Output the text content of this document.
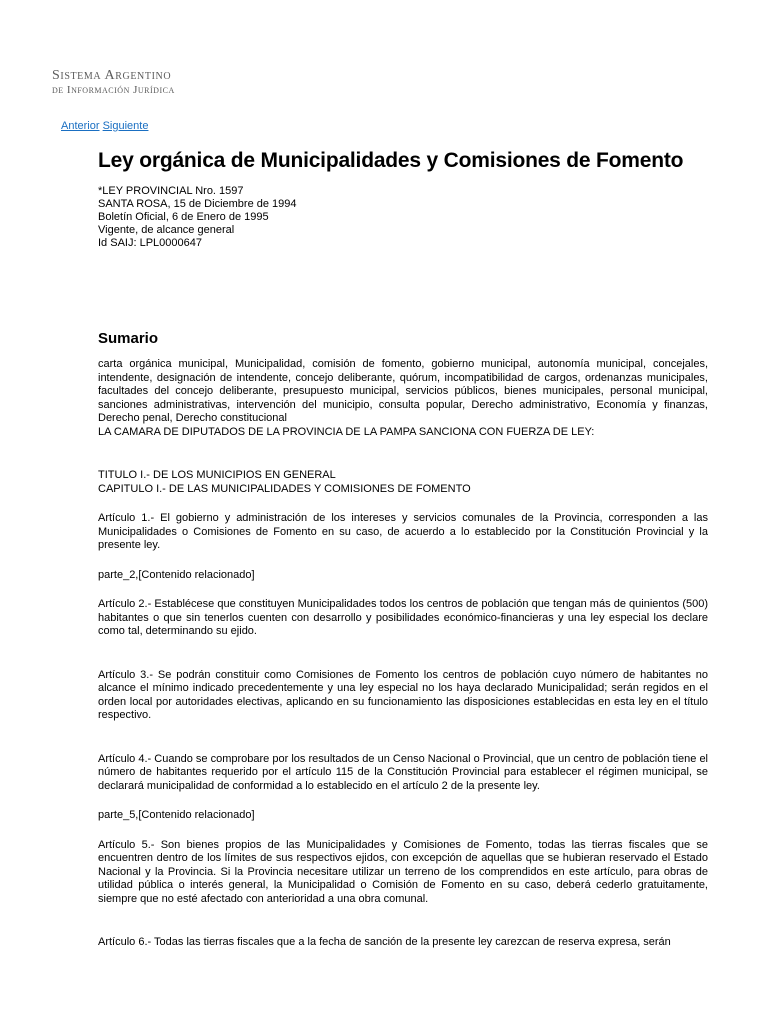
Sistema Argentino
de Información Jurídica
Anterior Siguiente
Ley orgánica de Municipalidades y Comisiones de Fomento
*LEY PROVINCIAL Nro. 1597
SANTA ROSA, 15 de Diciembre de 1994
Boletín Oficial, 6 de Enero de 1995
Vigente, de alcance general
Id SAIJ: LPL0000647
Sumario

carta orgánica municipal, Municipalidad, comisión de fomento, gobierno municipal, autonomía municipal, concejales, intendente, designación de intendente, concejo deliberante, quórum, incompatibilidad de cargos, ordenanzas municipales, facultades del concejo deliberante, presupuesto municipal, servicios públicos, bienes municipales, personal municipal, sanciones administrativas, intervención del municipio, consulta popular, Derecho administrativo, Economía y finanzas, Derecho penal, Derecho constitucional

LA CAMARA DE DIPUTADOS DE LA PROVINCIA DE LA PAMPA SANCIONA CON FUERZA DE LEY:

TITULO I.- DE LOS MUNICIPIOS EN GENERAL

CAPITULO I.- DE LAS MUNICIPALIDADES Y COMISIONES DE FOMENTO

Artículo 1.- El gobierno y administración de los intereses y servicios comunales de la Provincia, corresponden a las Municipalidades o Comisiones de Fomento en su caso, de acuerdo a lo establecido por la Constitución Provincial y la presente ley.

parte_2,[Contenido relacionado]

Artículo 2.- Establécese que constituyen Municipalidades todos los centros de población que tengan más de quinientos (500) habitantes o que sin tenerlos cuenten con desarrollo y posibilidades económico-financieras y una ley especial los declare como tal, determinando su ejido.

Artículo 3.- Se podrán constituir como Comisiones de Fomento los centros de población cuyo número de habitantes no alcance el mínimo indicado precedentemente y una ley especial no los haya declarado Municipalidad; serán regidos en el orden local por autoridades electivas, aplicando en su funcionamiento las disposiciones establecidas en esta ley en el título respectivo.

Artículo 4.- Cuando se comprobare por los resultados de un Censo Nacional o Provincial, que un centro de población tiene el número de habitantes requerido por el artículo 115 de la Constitución Provincial para establecer el régimen municipal, se declarará municipalidad de conformidad a lo establecido en el artículo 2 de la presente ley.

parte_5,[Contenido relacionado]

Artículo 5.- Son bienes propios de las Municipalidades y Comisiones de Fomento, todas las tierras fiscales que se encuentren dentro de los límites de sus respectivos ejidos, con excepción de aquellas que se hubieran reservado el Estado Nacional y la Provincia. Si la Provincia necesitare utilizar un terreno de los comprendidos en este artículo, para obras de utilidad pública o interés general, la Municipalidad o Comisión de Fomento en su caso, deberá cederlo gratuitamente, siempre que no esté afectado con anterioridad a una obra comunal.

Artículo 6.- Todas las tierras fiscales que a la fecha de sanción de la presente ley carezcan de reserva expresa, serán
